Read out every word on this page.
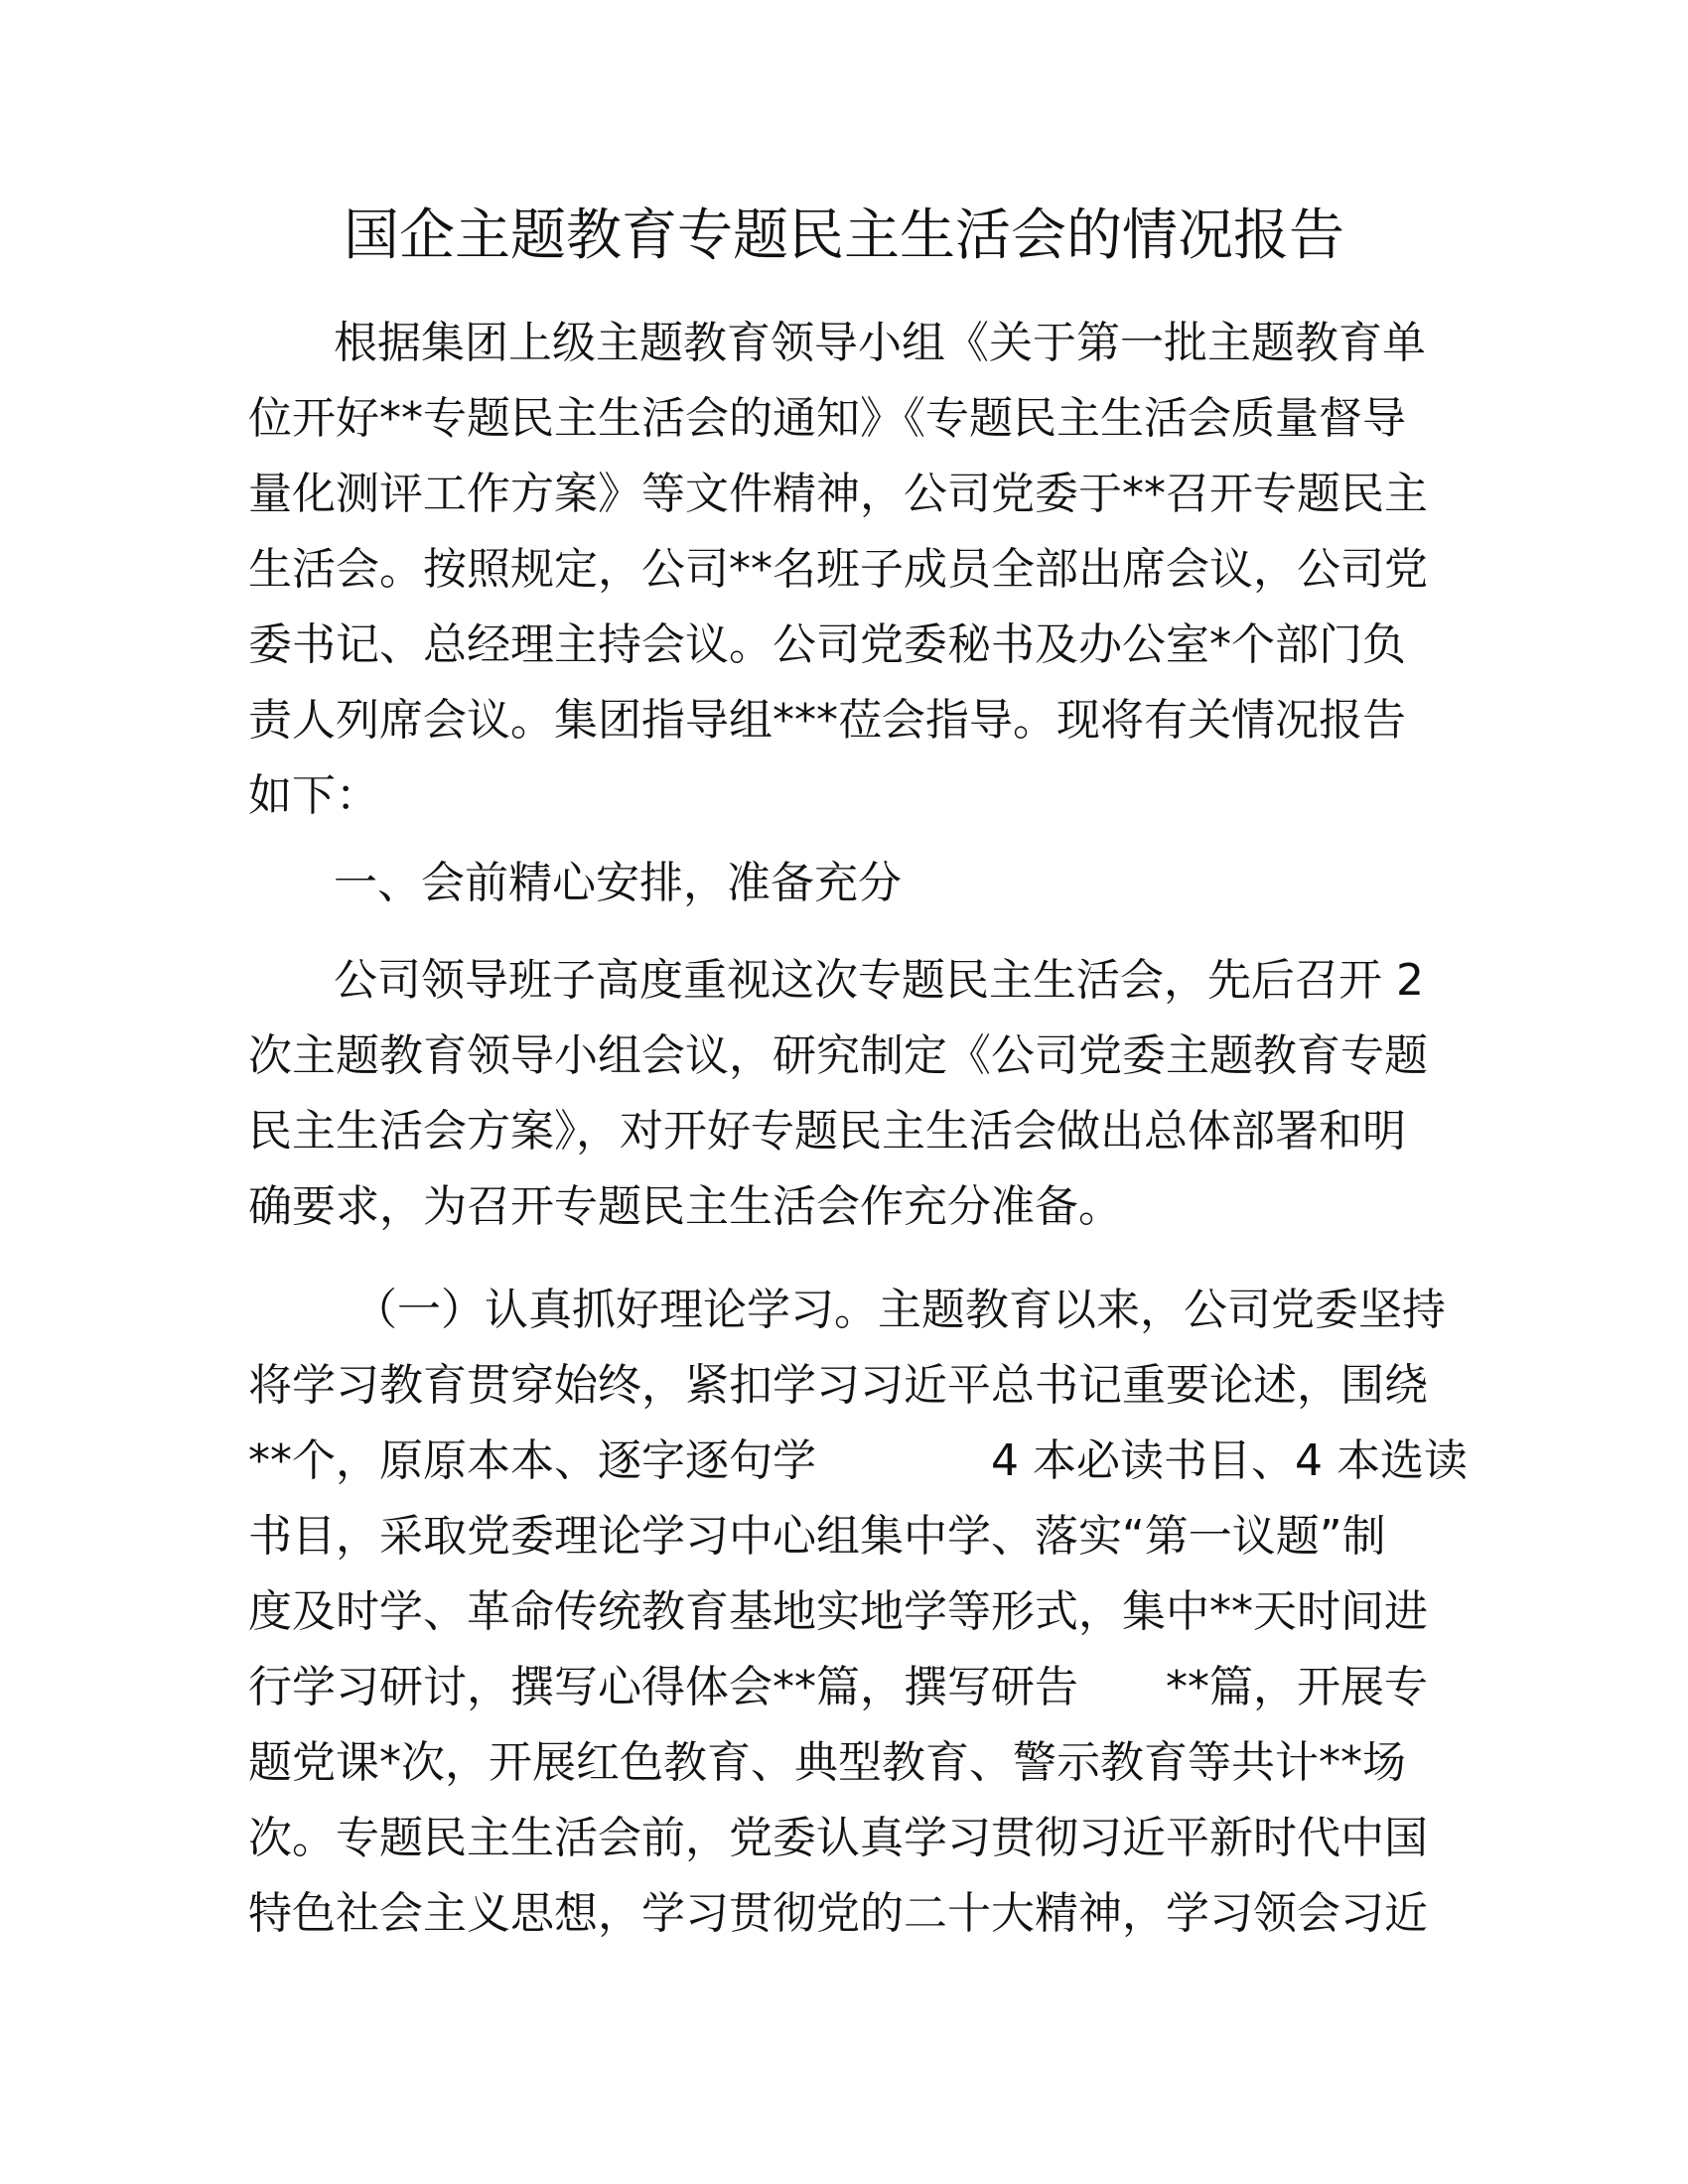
国企主题教育专题民主生活会的情况报告

根据集团上级主题教育领导小组《关于第一批主题教育单

位开好**专题民主生活会的通知》《专题民主生活会质量督导

量化测评工作方案》等文件精神，公司党委于**召开专题民主

生活会。按照规定，公司**名班子成员全部出席会议，公司党

委书记、总经理主持会议。公司党委秘书及办公室*个部门负

责人列席会议。集团指导组***莅会指导。现将有关情况报告

如下：

一、会前精心安排，准备充分

公司领导班子高度重视这次专题民主生活会，先后召开 2

次主题教育领导小组会议，研究制定《公司党委主题教育专题

民主生活会方案》，对开好专题民主生活会做出总体部署和明

确要求，为召开专题民主生活会作充分准备。

（一）认真抓好理论学习。主题教育以来，公司党委坚持

将学习教育贯穿始终，紧扣学习习近平总书记重要论述，围绕

**个，原原本本、逐字逐句学　　　　4 本必读书目、4 本选读

书目，采取党委理论学习中心组集中学、落实“第一议题”制

度及时学、革命传统教育基地实地学等形式，集中**天时间进

行学习研讨，撰写心得体会**篇，撰写研告　　**篇，开展专

题党课*次，开展红色教育、典型教育、警示教育等共计**场

次。专题民主生活会前，党委认真学习贯彻习近平新时代中国

特色社会主义思想，学习贯彻党的二十大精神，学习领会习近
